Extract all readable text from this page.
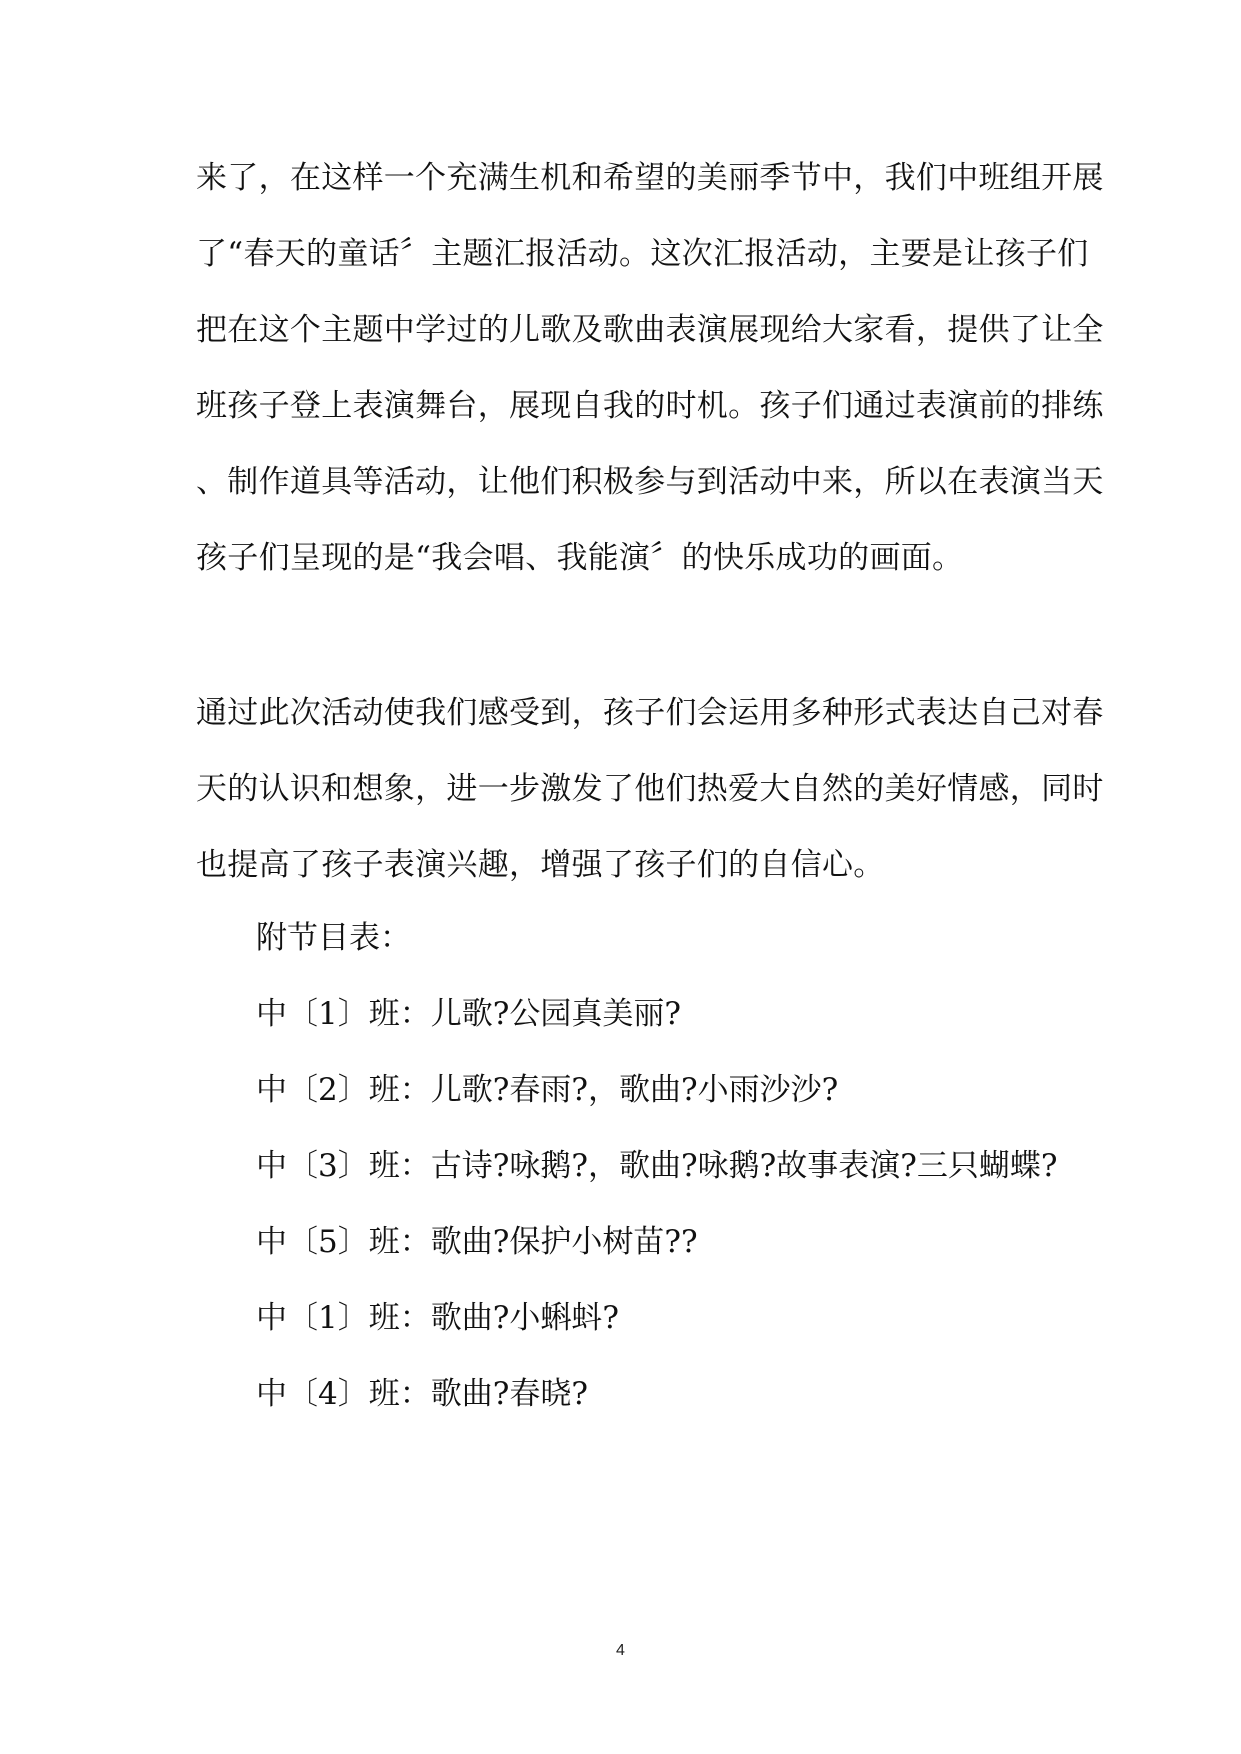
来了，在这样一个充满生机和希望的美丽季节中，我们中班组开展
了“春天的童话〞主题汇报活动。这次汇报活动，主要是让孩子们
把在这个主题中学过的儿歌及歌曲表演展现给大家看，提供了让全
班孩子登上表演舞台，展现自我的时机。孩子们通过表演前的排练
、制作道具等活动，让他们积极参与到活动中来，所以在表演当天
孩子们呈现的是“我会唱、我能演〞的快乐成功的画面。

通过此次活动使我们感受到，孩子们会运用多种形式表达自己对春
天的认识和想象，进一步激发了他们热爱大自然的美好情感，同时
也提高了孩子表演兴趣，增强了孩子们的自信心。

附节目表：
中〔1〕班：儿歌?公园真美丽?
中〔2〕班：儿歌?春雨?，歌曲?小雨沙沙?
中〔3〕班：古诗?咏鹅?，歌曲?咏鹅?故事表演?三只蝴蝶?
中〔5〕班：歌曲?保护小树苗??
中〔1〕班：歌曲?小蝌蚪?
中〔4〕班：歌曲?春晓?
4
